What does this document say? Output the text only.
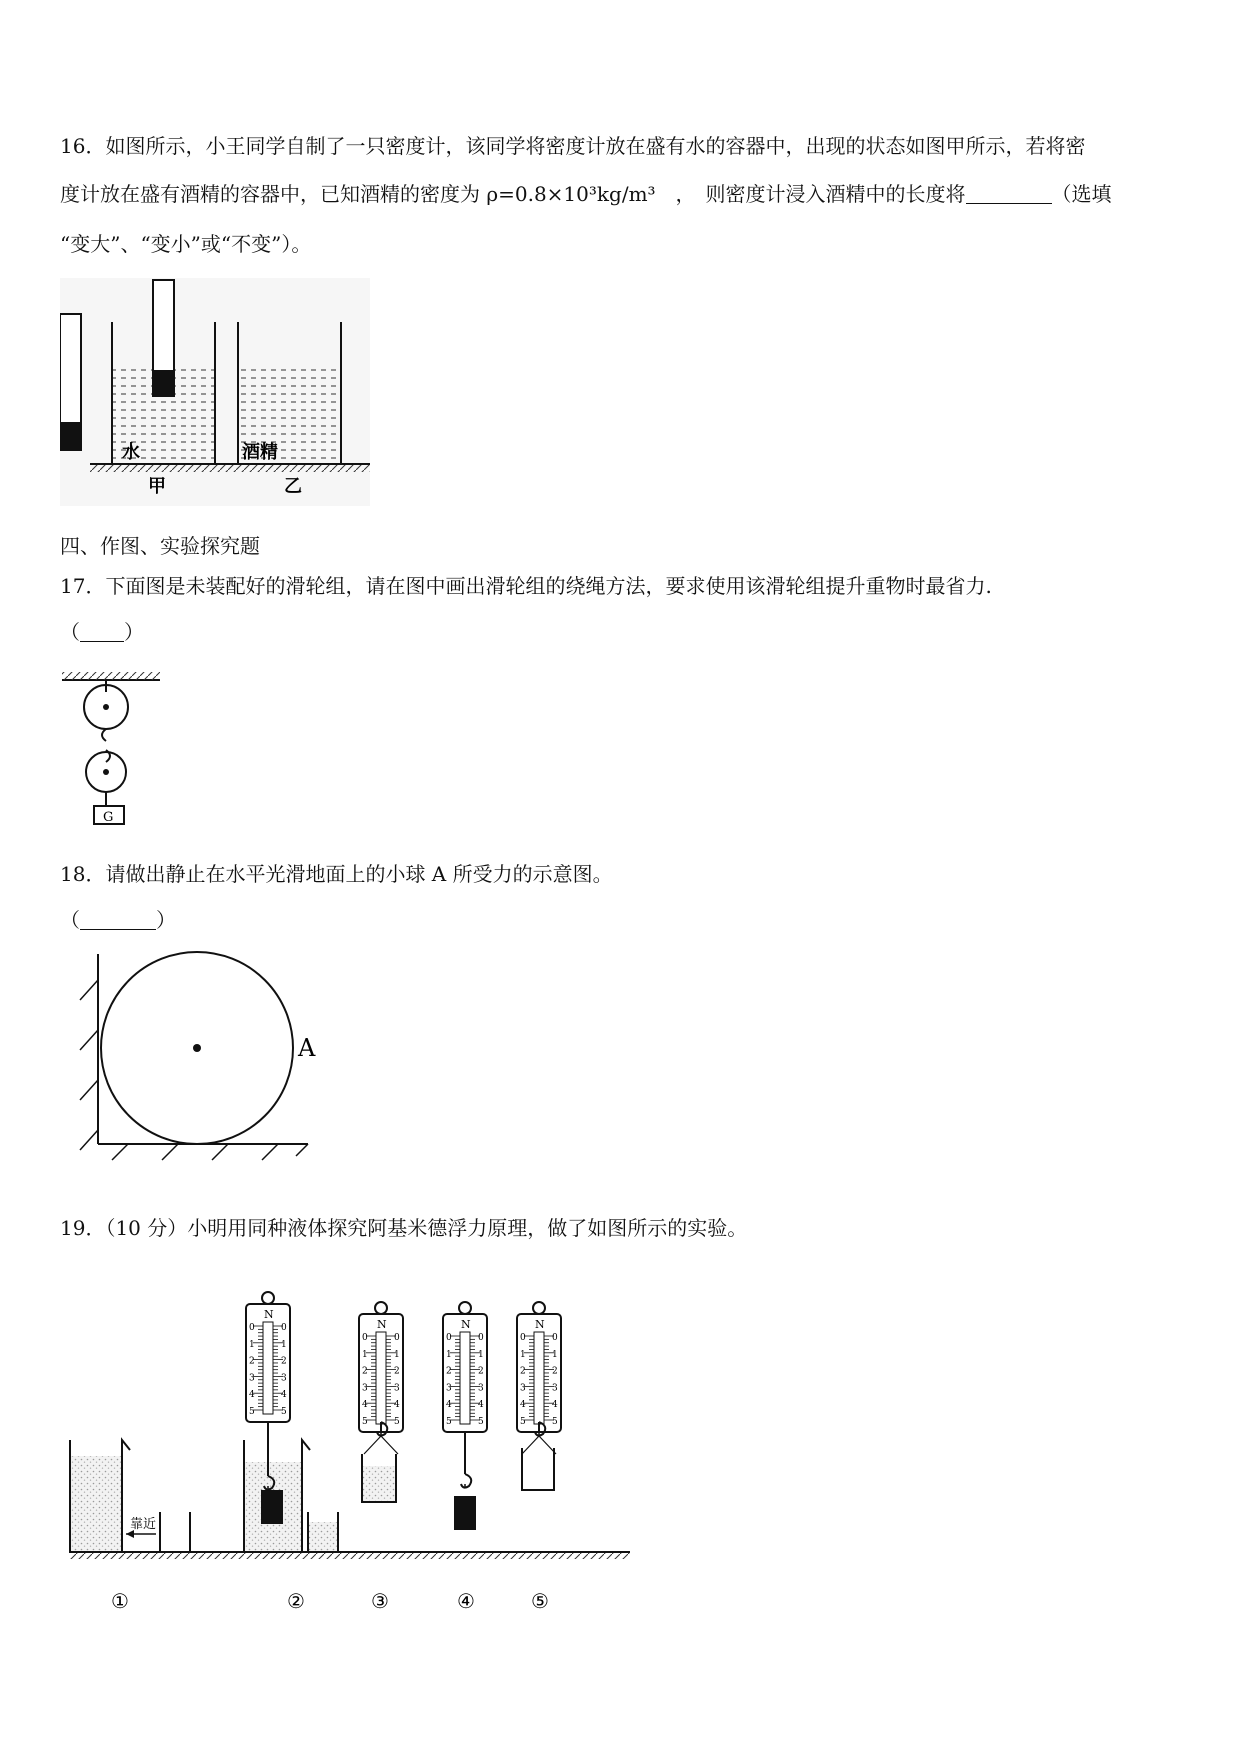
16．如图所示，小王同学自制了一只密度计，该同学将密度计放在盛有水的容器中，出现的状态如图甲所示，若将密
度计放在盛有酒精的容器中，已知酒精的密度为 ρ=0.8×10³kg/m³　，　则密度计浸入酒精中的长度将	（选填
“变大”、“变小”或“不变”）。
水	酒精
甲	乙
四、作图、实验探究题
17．下面图是未装配好的滑轮组，请在图中画出滑轮组的绕绳方法，要求使用该滑轮组提升重物时最省力.
（ ）
G
18．请做出静止在水平光滑地面上的小球 A 所受力的示意图。
（	）
A
19．（10 分）小明用同种液体探究阿基米德浮力原理，做了如图所示的实验。
靠近
N
0	0
1	1
2	2
3	3
4	4
5	5
N
0	0
1	1
2	2
3	3
4	4
5	5
N
0	0
1	1
2	2
3	3
4	4
5	5
N
0	0
1	1
2	2
3	3
4	4
5	5
①	②	③	④	⑤
